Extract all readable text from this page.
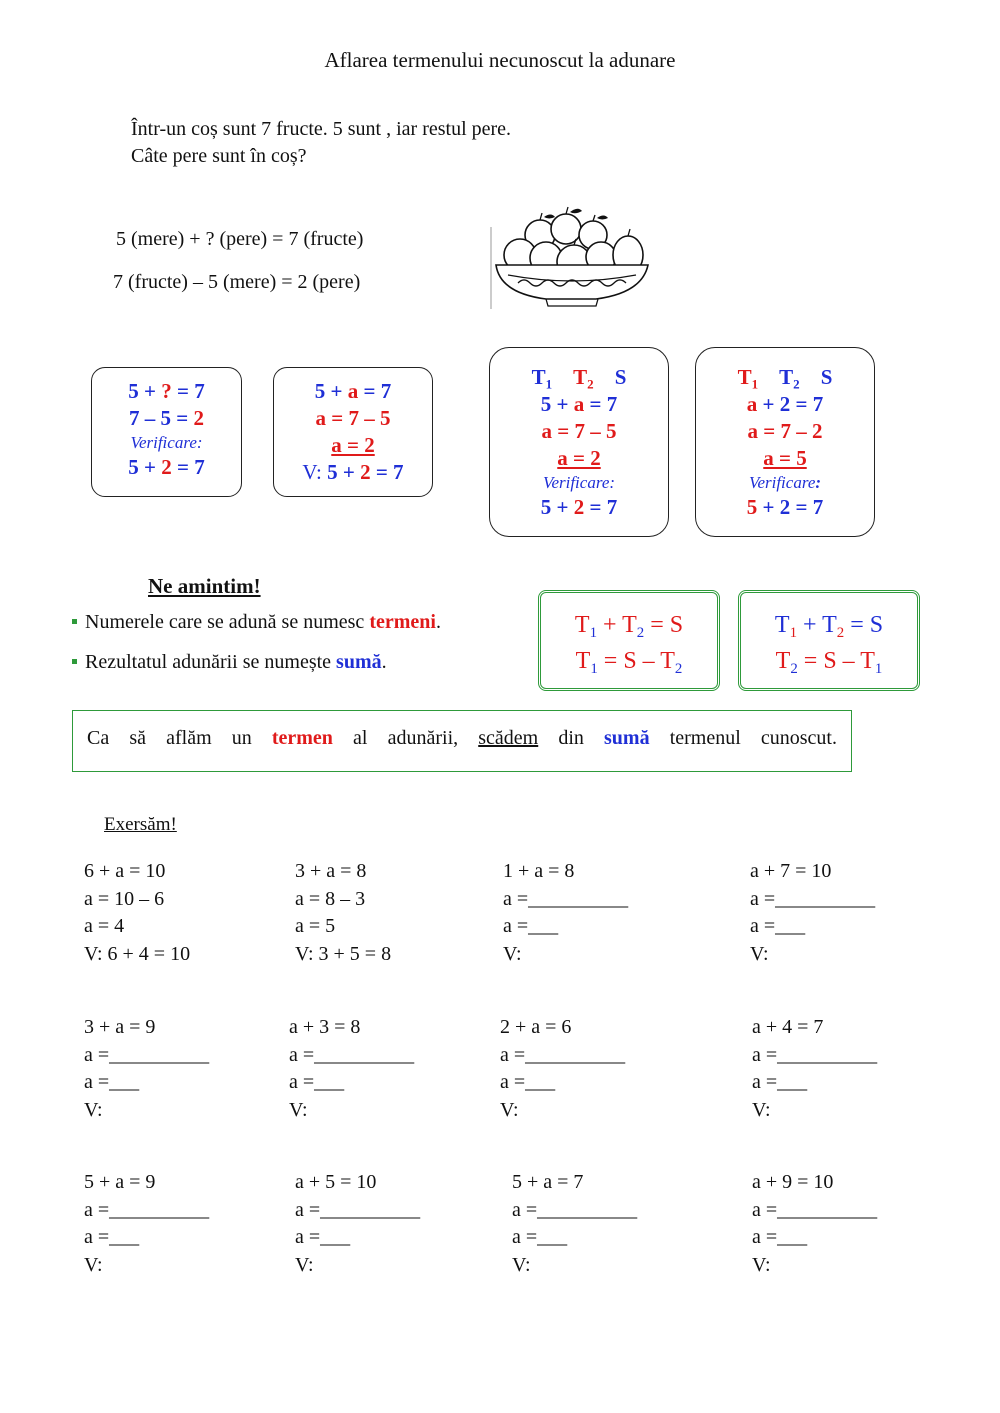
Aflarea termenului necunoscut la adunare
Într-un coș sunt 7 fructe. 5 sunt , iar restul pere.
Câte pere sunt în coș?
5 (mere) + ? (pere) = 7 (fructe)
7 (fructe) – 5 (mere) = 2 (pere)
5 + ? = 7
7 – 5 = 2
Verificare:
5 + 2 = 7
5 + a = 7
a = 7 – 5
a = 2
V: 5 + 2 = 7
$T_1$ $T_2$ S
5 + a = 7
a = 7 – 5
a = 2
Verificare:
5 + 2 = 7
$T_1$ $T_2$ S
a + 2 = 7
a = 7 – 2
a = 5
Verificare:
5 + 2 = 7
Ne amintim!
Numerele care se adună se numesc termeni.
Rezultatul adunării se numește sumă.
$T_1 + T_2 = S$
$T_1 = S - T_2$
$T_1 + T_2 = S$
$T_2 = S - T_1$
Ca să aflăm un termen al adunării, scădem din sumă termenul cunoscut.
Exersăm!
6 + a = 10
a = 10 – 6
a = 4
V: 6 + 4 = 10
3 + a = 8
a = 8 – 3
a = 5
V: 3 + 5 = 8
1 + a = 8
a =__________
a =___
V:
a + 7 = 10
a =__________
a =___
V:
3 + a = 9
a =__________
a =___
V:
a + 3 = 8
a =__________
a =___
V:
2 + a = 6
a =__________
a =___
V:
a + 4 = 7
a =__________
a =___
V:
5 + a = 9
a =__________
a =___
V:
a + 5 = 10
a =__________
a =___
V:
5 + a = 7
a =__________
a =___
V:
a + 9 = 10
a =__________
a =___
V:
